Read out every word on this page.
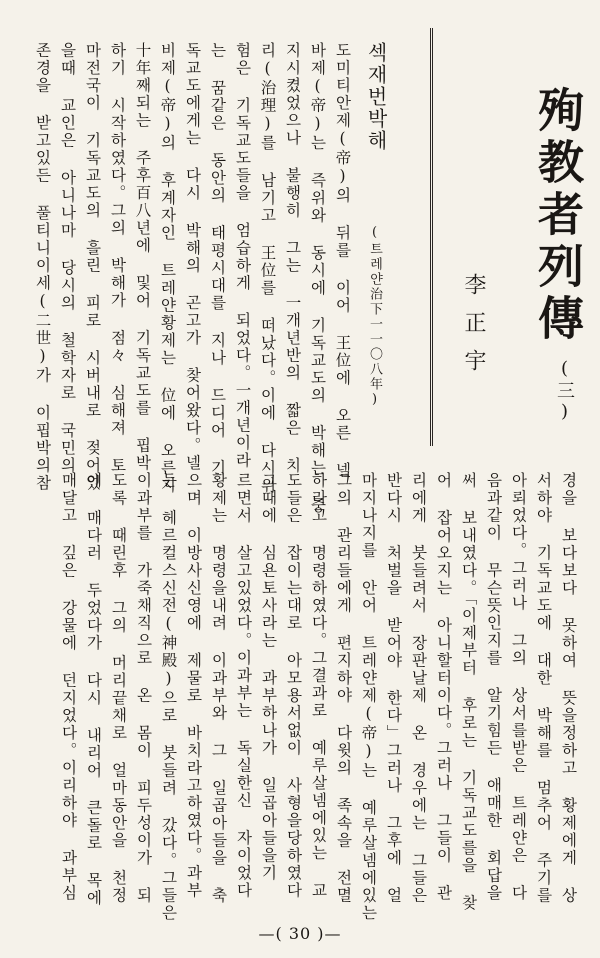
殉教者列傳
(三)
李正宇
섹재번박해
(트레얀治下一一〇八年)
도미티안제(帝)의 뒤를 이어 王位에 오른 넬
바제(帝)는 즉위와 동시에 기독교도의 박해는 중
지시켰었으나 불행히 그는 一개년반의 짧은 치
리(治理)를 남기고 王位를 떠났다。이에 다시위
험은 기독교도들을 엄습하게 되었다。一개년이라
는 꿈같은 동안의 태평시대를 지나 드디어 기
독교도에게는 다시 박해의 곤고가 찾어왔다。넬
비제(帝)의 후계자인 트레얀황제는 位에 오른지
十年째되는 주후百八년에 및어 기독교도를 핍박
하기 시작하였다。그의 박해가 점々 심해져 토
마전국이 기독교도의 흘린 피로 시버내로 젖어있
을때 교인은 아니나마 당시의 철학자로 국민의
존경을 받고있든 풀티니이세(二世)가 이핍박의참
경을 보다보다 못하여 뜻을정하고 황제에게 상
서하야 기독교도에 대한 박해를 멈추어 주기를
아뢰었다。그러나 그의 상서를받은 트레얀은 다
음과같이 무슨뜻인지를 알기힘든 애매한 회답을
써 보내였다。「이제부터 후로는 기독교도를을 찾
어 잡어오지는 아니할터이다。그러나 그들이 관
리에게 붓들려서 장판날제 온 경우에는 그들은
반다시 처벌을 받어야 한다」그러나 그후에 얼
마지나지를 안어 트레얀제(帝)는 예루살넴에있는
그의 관리들에게 편지하야 다윗의 족속을 전멸
하라고 명령하였다。그결과로 예루살넴에있는 교
도들은 잡이는대로 아모용서없이 사형을당하였다
그때에 심욘토사라는 과부하나가 일곱아들을기
르면서 살고있었다。이과부는 독실한신 자이었다
황제는 명령을내려 이과부와 그 일곱아들을 축
으며 이방사신영에 제물로 바치라고하였다。과부
는 헤르컬스신전(神殿)으로 붓들려 갔다。그들은
이과부를 가죽채직으로 온 몸이 피두성이가 되
도록 때린후 그의 머리끝채로 얼마동안을 천정
에 매다러 두었다가 다시 내리어 큰돌로 목에
매달고 깊은 강물에 던지었다。이리하야 과부심
—( 30 )—
